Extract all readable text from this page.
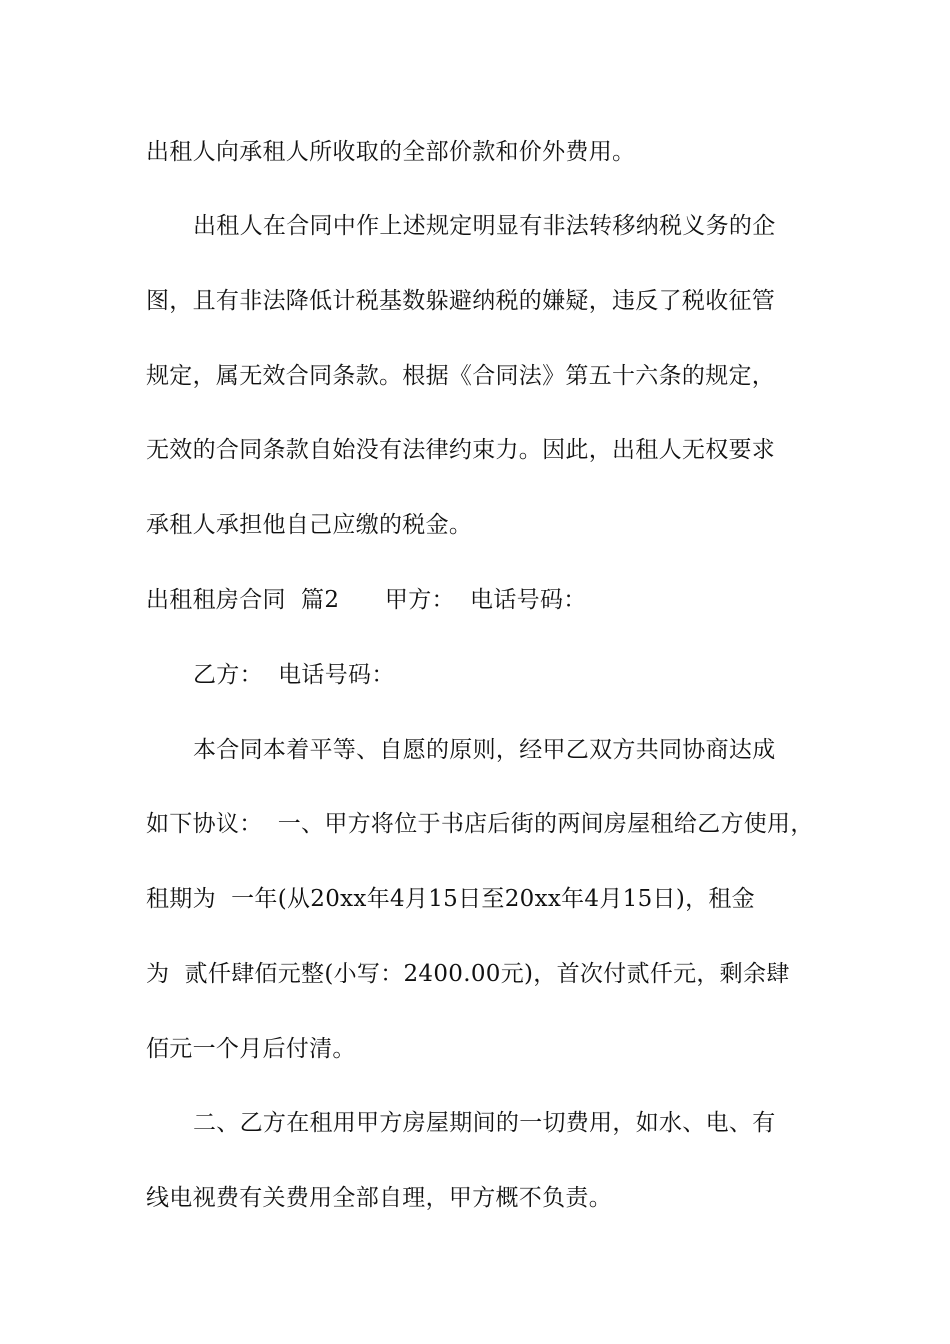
出租人向承租人所收取的全部价款和价外费用。
出租人在合同中作上述规定明显有非法转移纳税义务的企
图，且有非法降低计税基数躲避纳税的嫌疑，违反了税收征管
规定，属无效合同条款。根据《合同法》第五十六条的规定，
无效的合同条款自始没有法律约束力。因此，出租人无权要求
承租人承担他自己应缴的税金。
出租租房合同  篇2      甲方：  电话号码：
乙方：  电话号码：
本合同本着平等、自愿的原则，经甲乙双方共同协商达成
如下协议：  一、甲方将位于书店后街的两间房屋租给乙方使用，
租期为  一年(从20xx年4月15日至20xx年4月15日)，租金
为  贰仟肆佰元整(小写：2400.00元)，首次付贰仟元，剩余肆
佰元一个月后付清。
二、乙方在租用甲方房屋期间的一切费用，如水、电、有
线电视费有关费用全部自理，甲方概不负责。
